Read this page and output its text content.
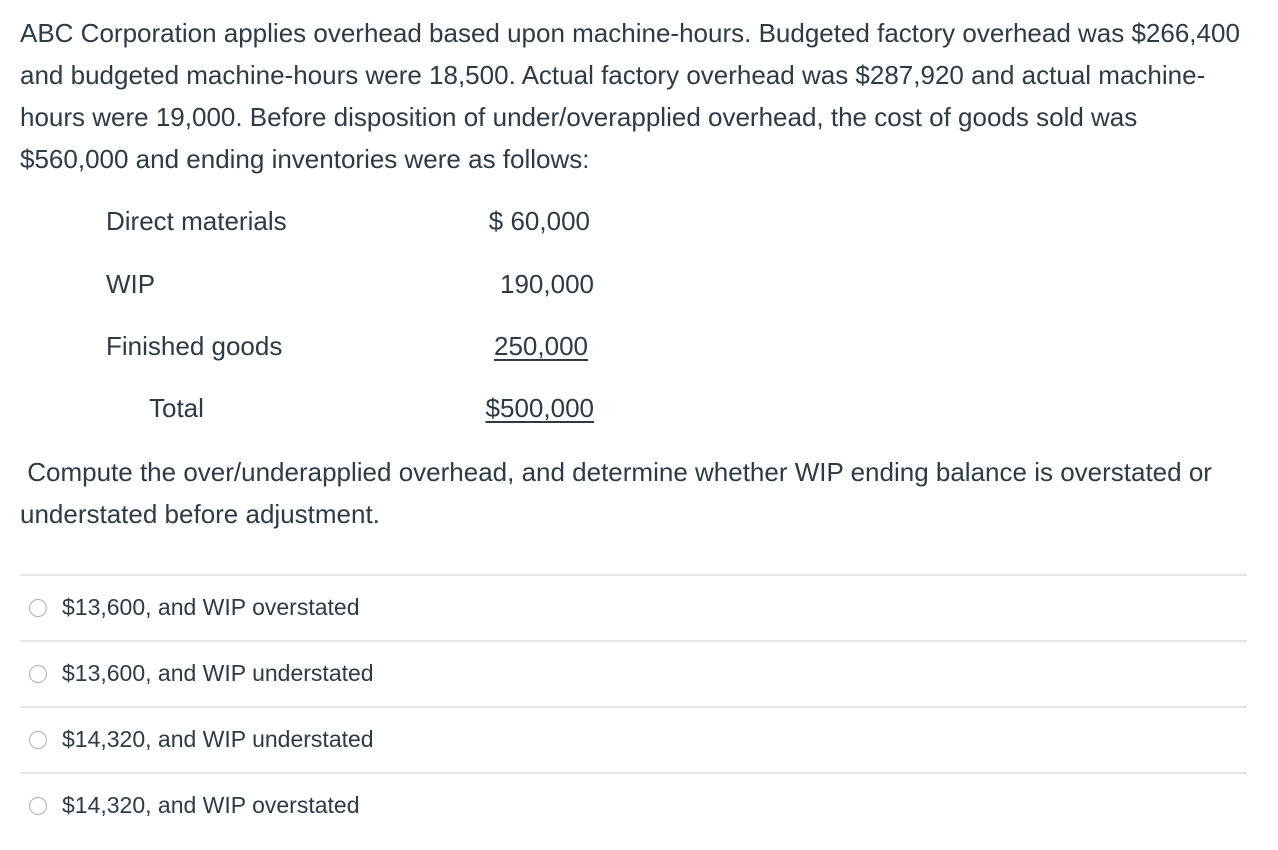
ABC Corporation applies overhead based upon machine-hours. Budgeted factory overhead was $266,400 and budgeted machine-hours were 18,500. Actual factory overhead was $287,920 and actual machine-hours were 19,000. Before disposition of under/overapplied overhead, the cost of goods sold was $560,000 and ending inventories were as follows:

Direct materials	$ 60,000
WIP	190,000
Finished goods	250,000
Total	$500,000

Compute the over/underapplied overhead, and determine whether WIP ending balance is overstated or understated before adjustment.

$13,600, and WIP overstated
$13,600, and WIP understated
$14,320, and WIP understated
$14,320, and WIP overstated
